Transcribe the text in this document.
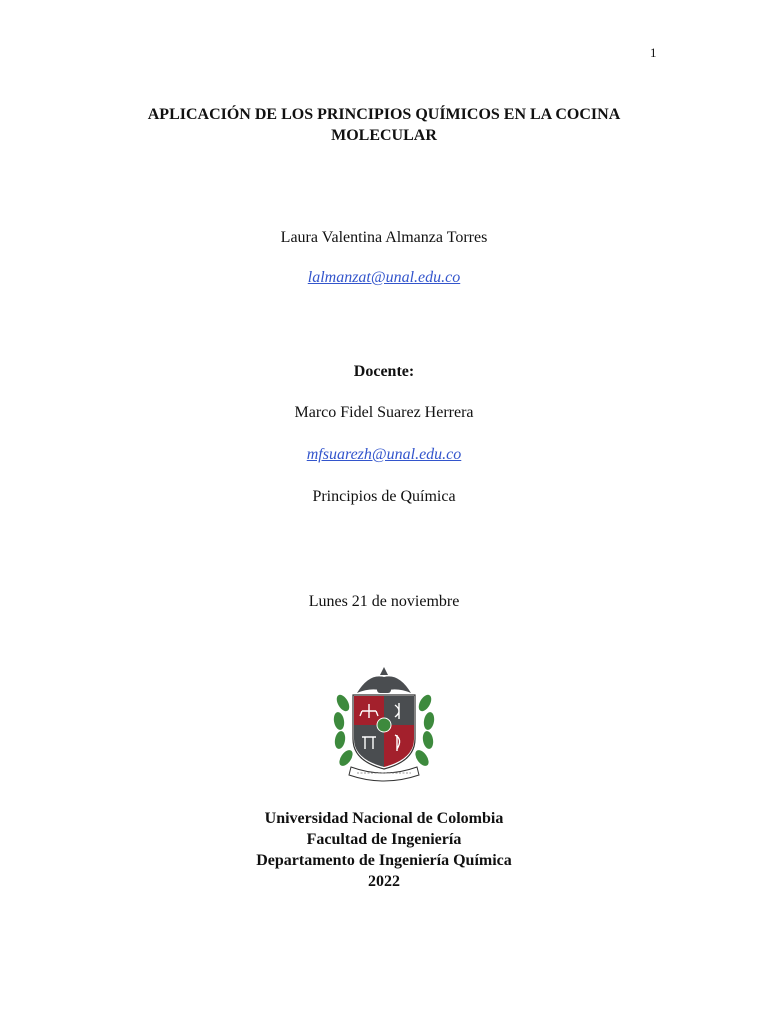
1
APLICACIÓN DE LOS PRINCIPIOS QUÍMICOS EN LA COCINA
MOLECULAR
Laura Valentina Almanza Torres
lalmanzat@unal.edu.co
Docente:
Marco Fidel Suarez Herrera
mfsuarezh@unal.edu.co
Principios de Química
Lunes 21 de noviembre
Universidad Nacional de Colombia
Facultad de Ingeniería
Departamento de Ingeniería Química
2022
